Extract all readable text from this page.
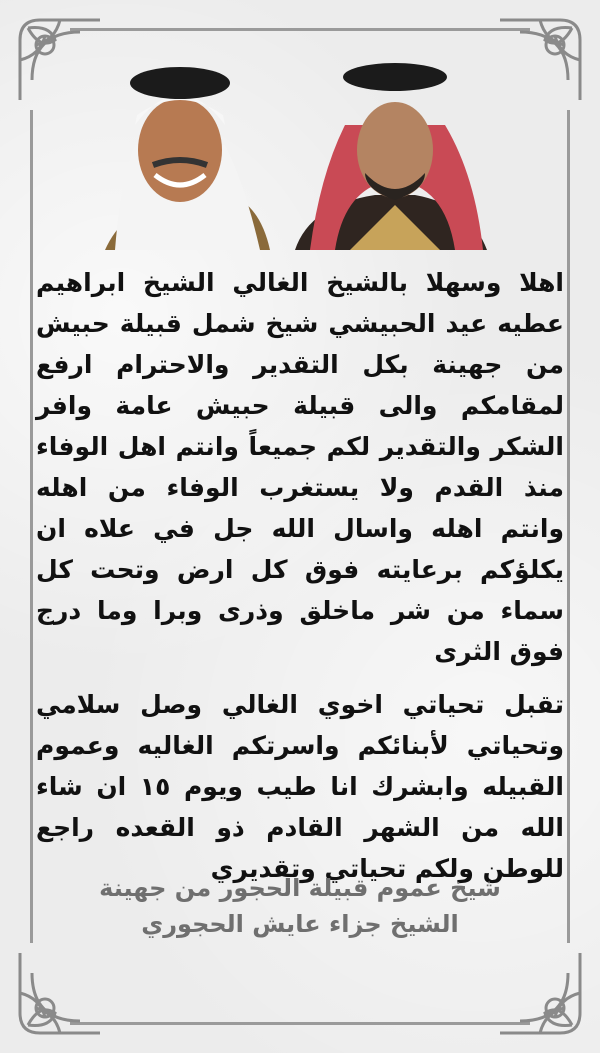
اهلا وسهلا بالشيخ الغالي الشيخ ابراهيم عطيه عيد الحبيشي شيخ شمل قبيلة حبيش من جهينة بكل التقدير والاحترام ارفع لمقامكم والى قبيلة حبيش عامة وافر الشكر والتقدير لكم جميعاً وانتم اهل الوفاء منذ القدم ولا يستغرب الوفاء من اهله وانتم اهله واسال الله جل في علاه ان يكلؤكم برعايته فوق كل ارض وتحت كل سماء من شر ماخلق وذرى وبرا وما درج فوق الثرى

تقبل تحياتي اخوي الغالي وصل سلامي وتحياتي لأبنائكم واسرتكم الغاليه وعموم القبيله وابشرك انا طيب ويوم ١٥ ان شاء الله من الشهر القادم ذو القعده راجع للوطن ولكم تحياتي وتقديري

شيخ عموم قبيلة الحجور من جهينة
الشيخ جزاء عايش الحجوري
